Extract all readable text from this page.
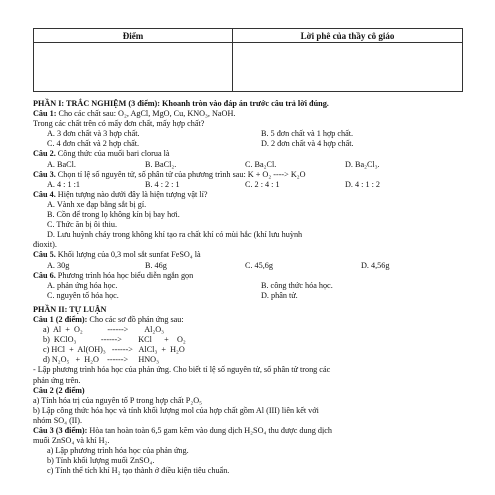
Điểm	Lời phê của thầy cô giáo

PHẦN I: TRẮC NGHIỆM (3 điểm): Khoanh tròn vào đáp án trước câu trả lời đúng.
Câu 1: Cho các chất sau: O₂, AgCl, MgO, Cu, KNO₃, NaOH.
Trong các chất trên có mấy đơn chất, mấy hợp chất?
A. 3 đơn chất và 3 hợp chất.	B. 5 đơn chất và 1 hợp chất.
C. 4 đơn chất và 2 hợp chất.	D. 2 đơn chất và 4 hợp chất.
Câu 2. Công thức của muối bari clorua là
A. BaCl.	B. BaCl₂.	C. Ba₂Cl.	D. Ba₂Cl₃.
Câu 3. Chọn tỉ lệ số nguyên tử, số phân tử của phương trình sau: K + O₂ ----> K₂O
A. 4 : 1 :1	B. 4 : 2 : 1	C. 2 : 4 : 1	D. 4 : 1 : 2
Câu 4. Hiện tượng nào dưới đây là hiện tượng vật lí?
A. Vành xe đạp bằng sắt bị gỉ.
B. Cồn để trong lọ không kín bị bay hơi.
C. Thức ăn bị ôi thiu.
D. Lưu huỳnh cháy trong không khí tạo ra chất khí có mùi hắc (khí lưu huỳnh
đioxit).
Câu 5. Khối lượng của 0,3 mol sắt sunfat FeSO₄ là
A. 30g	B. 46g	C. 45,6g	D. 4,56g
Câu 6. Phương trình hóa học biểu diễn ngắn gọn
A. phản ứng hóa học.	B. công thức hóa học.
C. nguyên tố hóa học.	D. phân tử.
PHẦN II: TỰ LUẬN
Câu 1 (2 điểm): Cho các sơ đồ phản ứng sau:
a)  Al  +  O₂            ------>        Al₂O₃
b)  KClO₃            ------>        KCl      +    O₂
c) HCl  +  Al(OH)₃   ------>   AlCl₃  +  H₂O
d) N₂O₅   +  H₂O    ------>     HNO₃
- Lập phương trình hóa học của phản ứng. Cho biết tỉ lệ số nguyên tử, số phân tử trong các
phản ứng trên.
Câu 2 (2 điểm)
a) Tính hóa trị của nguyên tố P trong hợp chất P₂O₅
b) Lập công thức hóa học và tính khối lượng mol của hợp chất gồm Al (III) liên kết với
nhóm SO₄ (II).
Câu 3 (3 điểm): Hòa tan hoàn toàn 6,5 gam kẽm vào dung dịch H₂SO₄ thu được dung dịch
muối ZnSO₄ và khí H₂.
a) Lập phương trình hóa học của phản ứng.
b) Tính khối lượng muối ZnSO₄.
c) Tính thể tích khí H₂ tạo thành ở điều kiện tiêu chuẩn.
